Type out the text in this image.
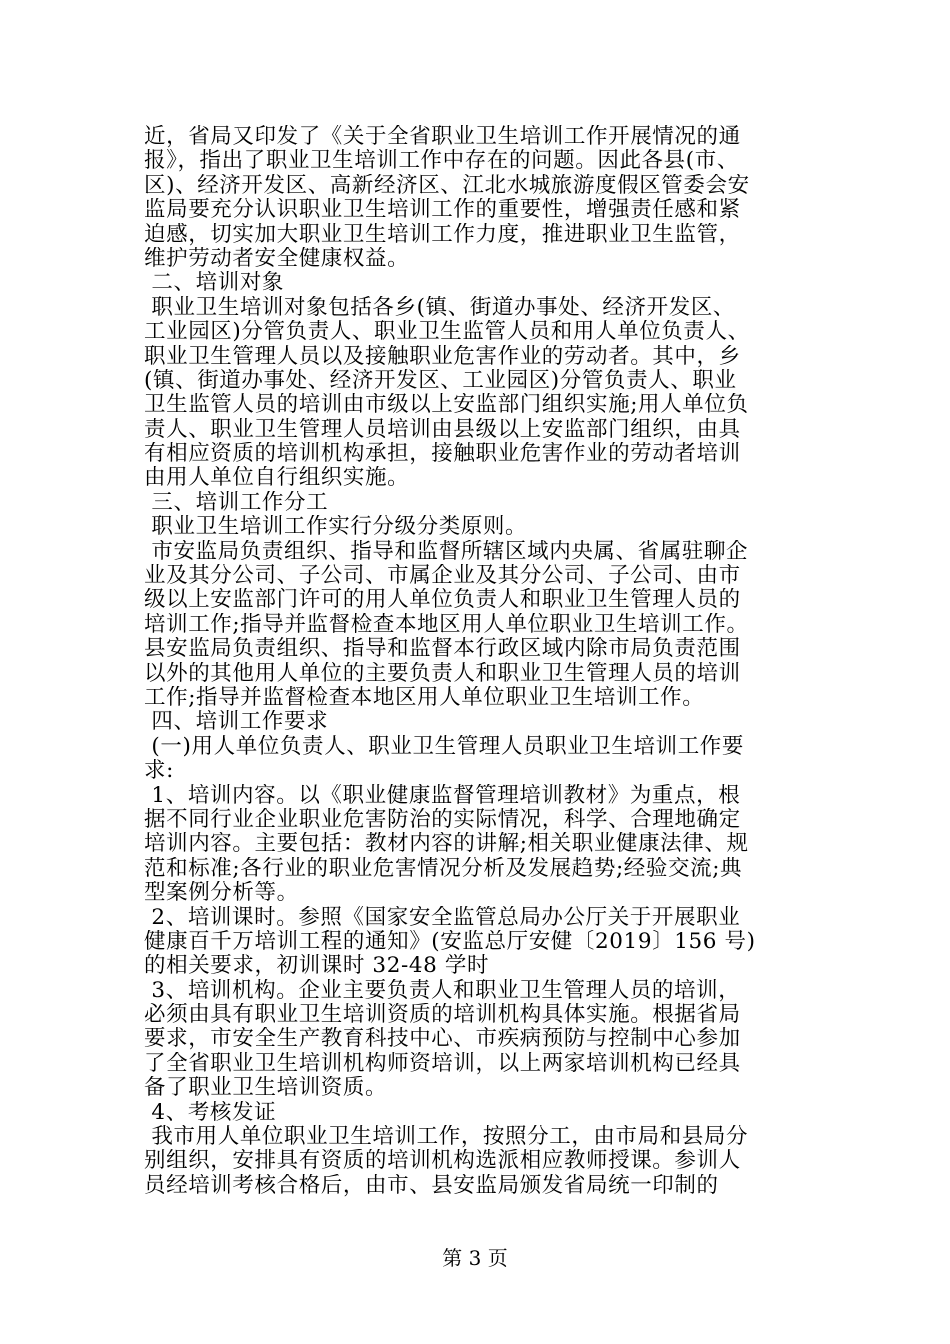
近，省局又印发了《关于全省职业卫生培训工作开展情况的通
报》，指出了职业卫生培训工作中存在的问题。因此各县(市、
区)、经济开发区、高新经济区、江北水城旅游度假区管委会安
监局要充分认识职业卫生培训工作的重要性，增强责任感和紧
迫感，切实加大职业卫生培训工作力度，推进职业卫生监管，
维护劳动者安全健康权益。
二、培训对象
职业卫生培训对象包括各乡(镇、街道办事处、经济开发区、
工业园区)分管负责人、职业卫生监管人员和用人单位负责人、
职业卫生管理人员以及接触职业危害作业的劳动者。其中，乡
(镇、街道办事处、经济开发区、工业园区)分管负责人、职业
卫生监管人员的培训由市级以上安监部门组织实施;用人单位负
责人、职业卫生管理人员培训由县级以上安监部门组织，由具
有相应资质的培训机构承担，接触职业危害作业的劳动者培训
由用人单位自行组织实施。
三、培训工作分工
职业卫生培训工作实行分级分类原则。
市安监局负责组织、指导和监督所辖区域内央属、省属驻聊企
业及其分公司、子公司、市属企业及其分公司、子公司、由市
级以上安监部门许可的用人单位负责人和职业卫生管理人员的
培训工作;指导并监督检查本地区用人单位职业卫生培训工作。
县安监局负责组织、指导和监督本行政区域内除市局负责范围
以外的其他用人单位的主要负责人和职业卫生管理人员的培训
工作;指导并监督检查本地区用人单位职业卫生培训工作。
四、培训工作要求
(一)用人单位负责人、职业卫生管理人员职业卫生培训工作要
求:
1、培训内容。以《职业健康监督管理培训教材》为重点，根
据不同行业企业职业危害防治的实际情况，科学、合理地确定
培训内容。主要包括：教材内容的讲解;相关职业健康法律、规
范和标准;各行业的职业危害情况分析及发展趋势;经验交流;典
型案例分析等。
2、培训课时。参照《国家安全监管总局办公厅关于开展职业
健康百千万培训工程的通知》(安监总厅安健〔2019〕156 号)
的相关要求，初训课时 32-48 学时
3、培训机构。企业主要负责人和职业卫生管理人员的培训，
必须由具有职业卫生培训资质的培训机构具体实施。根据省局
要求，市安全生产教育科技中心、市疾病预防与控制中心参加
了全省职业卫生培训机构师资培训，以上两家培训机构已经具
备了职业卫生培训资质。
4、考核发证
我市用人单位职业卫生培训工作，按照分工，由市局和县局分
别组织，安排具有资质的培训机构选派相应教师授课。参训人
员经培训考核合格后，由市、县安监局颁发省局统一印制的
第 3 页
